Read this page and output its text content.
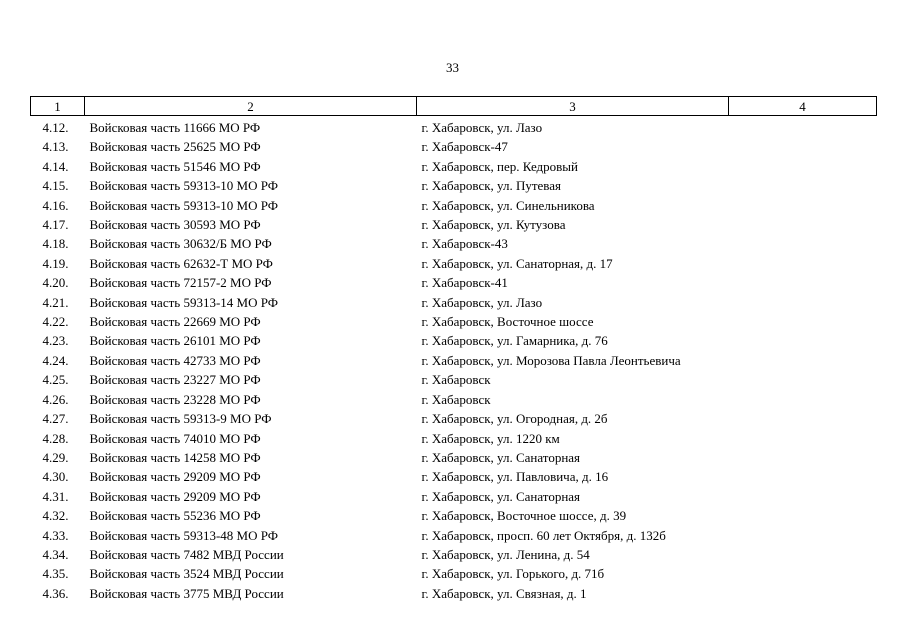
33
1	2	3	4
4.12.	Войсковая часть 11666 МО РФ	г. Хабаровск, ул. Лазо	
4.13.	Войсковая часть 25625 МО РФ	г. Хабаровск-47	
4.14.	Войсковая часть 51546 МО РФ	г. Хабаровск, пер. Кедровый	
4.15.	Войсковая часть 59313-10 МО РФ	г. Хабаровск, ул. Путевая	
4.16.	Войсковая часть 59313-10 МО РФ	г. Хабаровск, ул. Синельникова	
4.17.	Войсковая часть 30593 МО РФ	г. Хабаровск, ул. Кутузова	
4.18.	Войсковая часть 30632/Б МО РФ	г. Хабаровск-43	
4.19.	Войсковая часть 62632-Т МО РФ	г. Хабаровск, ул. Санаторная, д. 17	
4.20.	Войсковая часть 72157-2 МО РФ	г. Хабаровск-41	
4.21.	Войсковая часть 59313-14 МО РФ	г. Хабаровск, ул. Лазо	
4.22.	Войсковая часть 22669 МО РФ	г. Хабаровск, Восточное шоссе	
4.23.	Войсковая часть 26101 МО РФ	г. Хабаровск, ул. Гамарника, д. 76	
4.24.	Войсковая часть 42733 МО РФ	г. Хабаровск, ул. Морозова Павла Леонтьевича	
4.25.	Войсковая часть 23227 МО РФ	г. Хабаровск	
4.26.	Войсковая часть 23228 МО РФ	г. Хабаровск	
4.27.	Войсковая часть 59313-9 МО РФ	г. Хабаровск, ул. Огородная, д. 2б	
4.28.	Войсковая часть 74010 МО РФ	г. Хабаровск, ул. 1220 км	
4.29.	Войсковая часть 14258 МО РФ	г. Хабаровск, ул. Санаторная	
4.30.	Войсковая часть 29209 МО РФ	г. Хабаровск, ул. Павловича, д. 16	
4.31.	Войсковая часть 29209 МО РФ	г. Хабаровск, ул. Санаторная	
4.32.	Войсковая часть 55236 МО РФ	г. Хабаровск, Восточное шоссе, д. 39	
4.33.	Войсковая часть 59313-48 МО РФ	г. Хабаровск, просп. 60 лет Октября, д. 132б	
4.34.	Войсковая часть 7482 МВД России	г. Хабаровск, ул. Ленина, д. 54	
4.35.	Войсковая часть 3524 МВД России	г. Хабаровск, ул. Горького, д. 71б	
4.36.	Войсковая часть 3775 МВД России	г. Хабаровск, ул. Связная, д. 1	
